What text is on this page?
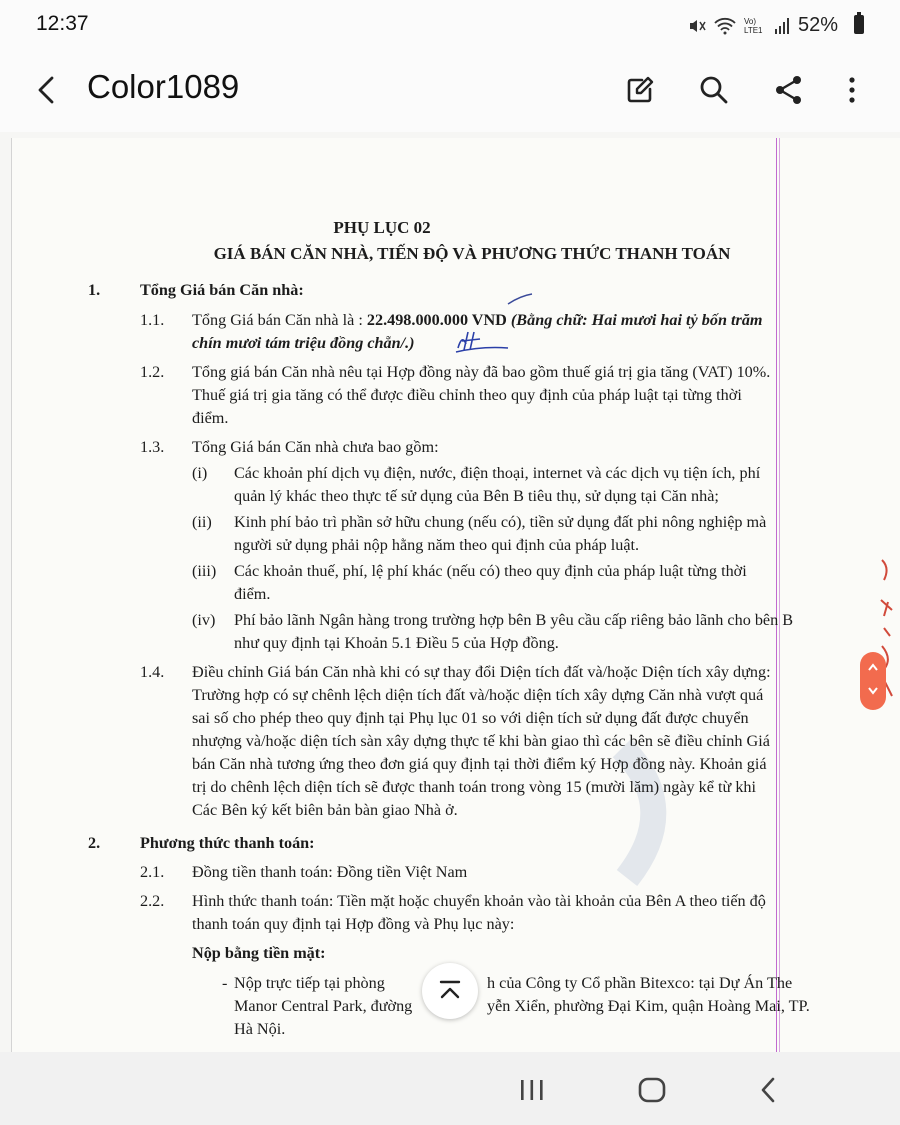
12:37	Vo) LTE1 52%
Color1089
PHỤ LỤC 02
GIÁ BÁN CĂN NHÀ, TIẾN ĐỘ VÀ PHƯƠNG THỨC THANH TOÁN
1. Tổng Giá bán Căn nhà:
1.1. Tổng Giá bán Căn nhà là : 22.498.000.000 VND (Bằng chữ: Hai mươi hai tỷ bốn trăm
chín mươi tám triệu đồng chẵn/.)
1.2. Tổng giá bán Căn nhà nêu tại Hợp đồng này đã bao gồm thuế giá trị gia tăng (VAT) 10%.
Thuế giá trị gia tăng có thể được điều chỉnh theo quy định của pháp luật tại từng thời
điểm.
1.3. Tổng Giá bán Căn nhà chưa bao gồm:
(i) Các khoản phí dịch vụ điện, nước, điện thoại, internet và các dịch vụ tiện ích, phí
quản lý khác theo thực tế sử dụng của Bên B tiêu thụ, sử dụng tại Căn nhà;
(ii) Kinh phí bảo trì phần sở hữu chung (nếu có), tiền sử dụng đất phi nông nghiệp mà
người sử dụng phải nộp hằng năm theo qui định của pháp luật.
(iii) Các khoản thuế, phí, lệ phí khác (nếu có) theo quy định của pháp luật từng thời
điểm.
(iv) Phí bảo lãnh Ngân hàng trong trường hợp bên B yêu cầu cấp riêng bảo lãnh cho bên B
như quy định tại Khoản 5.1 Điều 5 của Hợp đồng.
1.4. Điều chỉnh Giá bán Căn nhà khi có sự thay đổi Diện tích đất và/hoặc Diện tích xây dựng:
Trường hợp có sự chênh lệch diện tích đất và/hoặc diện tích xây dựng Căn nhà vượt quá
sai số cho phép theo quy định tại Phụ lục 01 so với diện tích sử dụng đất được chuyển
nhượng và/hoặc diện tích sàn xây dựng thực tế khi bàn giao thì các bên sẽ điều chỉnh Giá
bán Căn nhà tương ứng theo đơn giá quy định tại thời điểm ký Hợp đồng này. Khoản giá
trị do chênh lệch diện tích sẽ được thanh toán trong vòng 15 (mười lăm) ngày kể từ khi
Các Bên ký kết biên bản bàn giao Nhà ở.
2. Phương thức thanh toán:
2.1. Đồng tiền thanh toán: Đồng tiền Việt Nam
2.2. Hình thức thanh toán: Tiền mặt hoặc chuyển khoản vào tài khoản của Bên A theo tiến độ
thanh toán quy định tại Hợp đồng và Phụ lục này:
Nộp bằng tiền mặt:
- Nộp trực tiếp tại phòng	h của Công ty Cổ phần Bitexco: tại Dự Án The
Manor Central Park, đường	yễn Xiển, phường Đại Kim, quận Hoàng Mai, TP.
Hà Nội.
